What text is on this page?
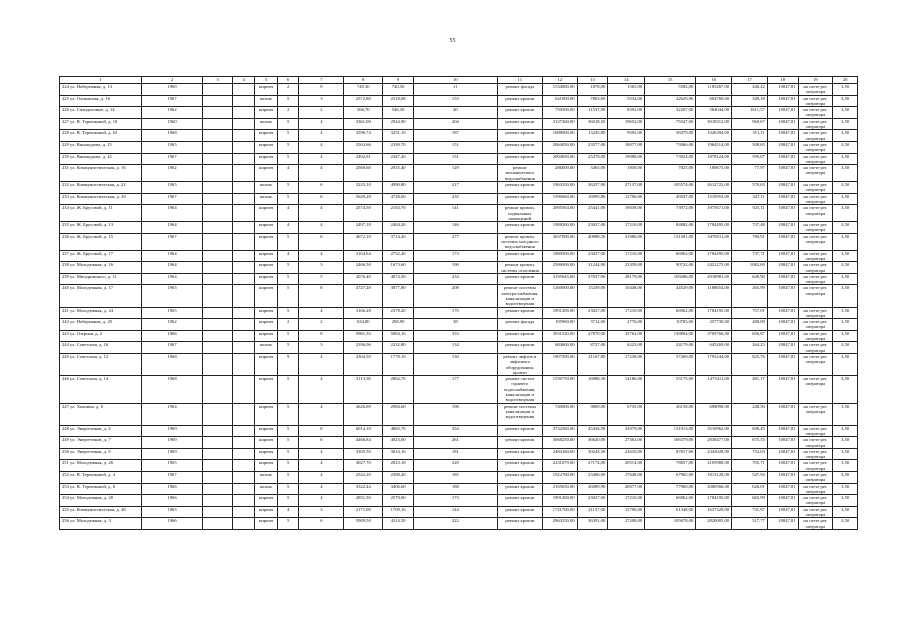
55
1	2	3	4	5	6	7	8	9	10	11	12	13	14	15	16	17	18	19	20
224 ул. Набережная, д. 13	1969			кирпич	2	8	740,30	740,30	11	ремонт фасада	1534000,00	1878,00	1565,00	5582,00	1185267,00	440,42	10047,81	на счете рег. оператора	3,50
225 ул. Олимпская, д. 16	1967			шпаль	5	3	2572,80	2318,08	153	ремонт кровли	641000,00	7863,69	5534,00	22629,96	604760,00	349,18	10047,81	на счете рег. оператора	3,50
226 ул. Спандаловые, д. 14	1962			кирпич	2	2	566,70	546,30	40	ремонт кровли	750500,00	11537,90	8592,00	32207,00	564044,00	1611,57	10047,81	на счете рег. оператора	3,50
227 ул. В. Терешковой, д. 10	1960			шпаль	5	4	3361,00	2944,90	204	ремонт кровли	3127260,00	36018,50	19652,00	75547,00	3018312,00	960,67	10047,81	на счете рег. оператора	3,50
228 ул. В. Терешковой, д. 63	1968			кирпич	5	4	3596,74	3251,10	187	ремонт кровли	1088000,00	13245,80	9592,00	38479,00	1026394,00	351,11	10047,81	на счете рег. оператора	3,50
229 ул. Винокурова, д. 15	1965			кирпич	5	4	2563,66	2339,70	151	ремонт кровли	2064050,00	23577,00	18077,00	73066,00	1964514,00	508,65	10047,81	на счете рег. оператора	3,50
230 ул. Винокурова, д. 22	1967			кирпич	5	4	2492,91	2347,20	151	ремонт кровли	2004050,00	25478,00	19088,00	73924,00	1878124,00	599,07	10047,81	на счете рег. оператора	3,50
231 ул. Коммунистическая, д. 16	1962			кирпич	4	4	2560,60	2035,40	129	ремонт механического водоснабжения	286000,00	3465,00	1830,00	7825,00	180675,00	77,97	10047,81	на счете рег. оператора	3,50
232 ул. Коммунистическая, д. 22	1965			шпаль	5	6	5225,10	4990,80	217	ремонт кровли	1963350,00	26257,90	27137,00	105574,00	2612722,00	570,63	10047,81	на счете рег. оператора	3,50
233 ул. Коммунистическая, д. 28	1967			шпаль	5	6	5649,28	4728,00	235	ремонт кровли	1590660,00	16995,86	12796,00	49547,00	1510953,00	347,11	10047,81	на счете рег. оператора	3,50
234 ул. Ж. Брусовой, д. 11	1964			кирпич	4	4	2574,50	2163,70	141	ремонт кровли, подвальных помещений	2095564,00	25441,00	19038,00	73972,00	1975671,00	925,11	10047,81	на счете рег. оператора	3,50
235 ул. Ж. Брусовой, д. 13	1964			кирпич	4	4	2497,18	2404,20	146	ремонт кровли	1988200,00	23027,00	17210,00	84882,00	1784495,00	737,48	10047,81	на счете рег. оператора	3,50
236 ул. Ж. Брусовой, д. 15	1967			кирпич	5	6	4672,10	3714,20	277	ремонт кровли, системы холодного водоснабжения	3637000,00	40088,30	31980,00	131581,00	3478511,00	780,91	10047,81	на счете рег. оператора	3,50
237 ул. Ж. Брусовой, д. 17	1964			кирпич	4	4	3164,64	2752,20	173	ремонт кровли	1889500,00	23027,00	17210,00	66962,00	1784495,00	737,71	10047,81	на счете рег. оператора	3,50
238 ул. Молодежная, д. 16	1964			кирпич	5	3	2466,50	1673,60	190	ремонт кровли, системы отопления	2586900,00	31244,90	23359,00	90722,00	2421275,00	1082,69	10047,81	на счете рег. оператора	3,50
239 ул. Мичуринского, д. 11	1964			кирпич	5	5	2076,40	4074,50	234	ремонт кровли	3195645,00	37637,96	28179,00	109286,00	2918981,00	649,90	10047,81	на счете рег. оператора	3,50
240 ул. Молодежная, д. 17	1965			кирпич	5	8	4727,28	3877,80	208	ремонт системы электроснабжения, канализации и водоотведения	1260000,00	15239,00	10448,00	44529,00	1188654,00	265,99	10047,81	на счете рег. оператора	3,50
241 ул. Молодежная, д. 24	1965			кирпич	5	4	3166,28	2378,20	170	ремонт кровли	1891200,00	23027,00	17210,00	66962,00	1784195,00	757,01	10047,81	на счете рег. оператора	3,50
242 ул. Набережная, д. 45	1962			кирпич	2	2	634,80	298,90	38	ремонт фасада	185960,00	3712,00	2776,00	10783,00	257730,00	480,00	10047,81	на счете рег. оператора	3,50
243 ул. Озерная, д. 2	1966			кирпич	5	8	5981,30	5094,10	333	ремонт кровли	3931520,00	47870,00	35762,00	138804,00	3709766,00	656,87	10047,81	на счете рег. оператора	3,50
244 ул. Советская, д. 16	1967			шпаль	5	3	2396,06	2232,80	134	ремонт кровли	684600,00	8727,00	6225,00	24179,00	645269,00	264,23	10047,81	на счете рег. оператора	3,50
245 ул. Советская, д. 12	1968			кирпич	9	4	2304,50	1778,10	130	ремонт лифтов и лифтового оборудования, кровли	1907500,00	21167,80	17238,00	57269,00	1795244,00	825,76	10047,81	на счете рег. оператора	3,50
246 ул. Советская, д. 14	1968			кирпич	5	4	3113,58	2862,70	177	ремонт систем горячего водоснабжения, канализации и водоотведения	1550750,00	16988,30	14186,00	55175,00	1473411,00	481,17	10047,81	на счете рег. оператора	3,50
247 ул. Хамзина, д. 8	1964			кирпич	5	4	2626,69	2984,60	196	ремонт системы канализации и водоотведения	740000,00	9809,00	6735,00	26158,00	698098,00	248,50	10047,81	на счете рег. оператора	3,50
248 ул. Энергетиков, д. 3	1969			кирпич	5	8	6014,10	4865,70	354	ремонт кровли	3732560,00	45434,50	33979,00	131913,00	3510962,00	698,45	10047,81	на счете рег. оператора	3,50
249 ул. Энергетиков, д. 7	1969			кирпич	5	6	4466,84	4023,00	261	ремонт кровли	3068250,00	36620,00	27363,00	106379,00	2838477,00	675,33	10047,81	на счете рег. оператора	3,50
250 ул. Энергетиков, д. 9	1969			кирпич	5	4	3305,50	3014,10	181	ремонт кровли	2484160,00	30243,30	22610,00	87817,00	2343028,00	752,03	10047,81	на счете рег. оператора	3,50
251 ул. Молодежная, д. 26	1965			кирпич	5	4	3027,70	2023,10	220	ремонт кровли	2231079,00	27174,00	20514,00	78657,00	2105988,00	705,71	10047,81	на счете рег. оператора	3,50
252 ул. В. Терешковой, д. 4	1967			шпаль	5	4	2542,20	2308,20	185	ремонт кровли	1922700,00	23406,00	17648,00	67965,00	1813128,00	547,94	10047,81	на счете рег. оператора	3,50
253 ул. В. Терешковой, д. 8	1966			шпаль	5	4	3522,44	3406,60	188	ремонт кровли	2165650,00	26089,90	20077,00	77960,00	2080566,00	626,01	10047,81	на счете рег. оператора	3,50
254 ул. Молодежная, д. 28	1966			кирпич	5	4	2851,50	2579,00	173	ремонт кровли	1891200,00	23027,00	17210,00	66962,00	1784195,00	665,99	10047,81	на счете рег. оператора	3,50
255 ул. Коммунистическая, д. 48	1965			кирпич	4	3	2171,00	1709,10	144	ремонт кровли	1721700,00	21137,00	15796,00	61348,00	1637329,00	731,97	10047,81	на счете рег. оператора	3,50
256 ул. Молодежная, д. 3	1966			кирпич	5	6	5989,50	4314,50	322	ремонт кровли	2963250,00	36391,00	27208,00	105678,00	2820005,00	517,77	10047,81	на счете рег. оператора	3,50
